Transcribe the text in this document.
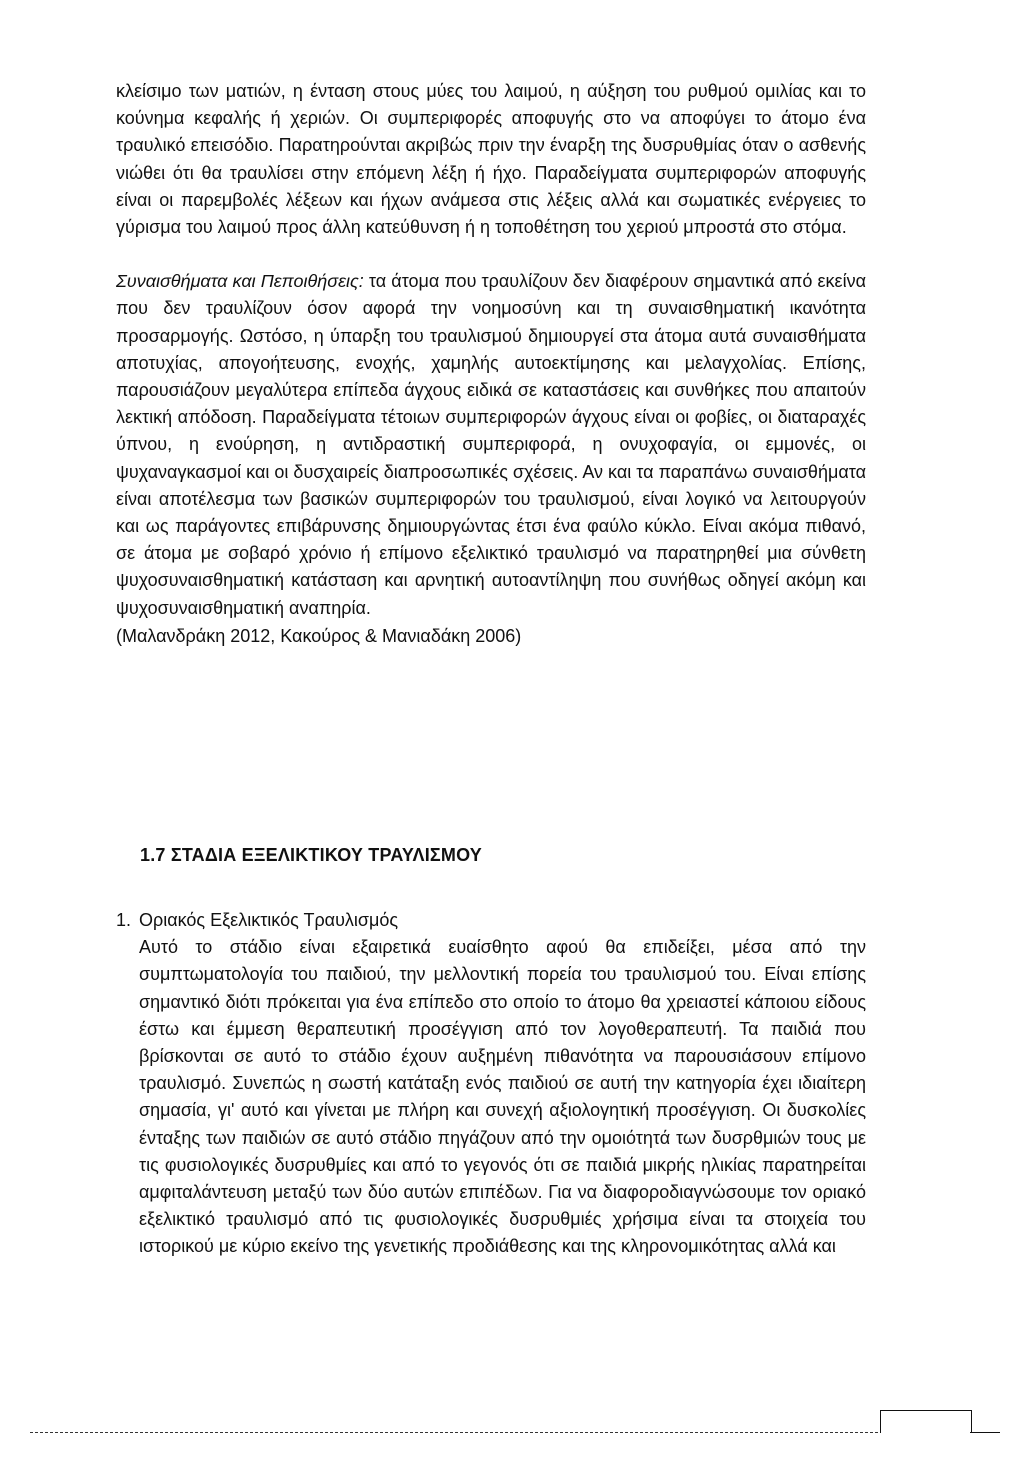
κλείσιμο των ματιών, η ένταση στους μύες του λαιμού, η αύξηση του ρυθμού ομιλίας και το κούνημα κεφαλής ή χεριών. Οι συμπεριφορές αποφυγής στο να αποφύγει το άτομο ένα τραυλικό επεισόδιο. Παρατηρούνται ακριβώς πριν την έναρξη της δυσρυθμίας όταν ο ασθενής νιώθει ότι θα τραυλίσει στην επόμενη λέξη ή ήχο. Παραδείγματα συμπεριφορών αποφυγής είναι οι παρεμβολές λέξεων και ήχων ανάμεσα στις λέξεις αλλά και σωματικές ενέργειες το γύρισμα του λαιμού προς άλλη κατεύθυνση ή η τοποθέτηση του χεριού μπροστά στο στόμα.

Συναισθήματα και Πεποιθήσεις: τα άτομα που τραυλίζουν δεν διαφέρουν σημαντικά από εκείνα που δεν τραυλίζουν όσον αφορά την νοημοσύνη και τη συναισθηματική ικανότητα προσαρμογής. Ωστόσο, η ύπαρξη του τραυλισμού δημιουργεί στα άτομα αυτά συναισθήματα αποτυχίας, απογοήτευσης, ενοχής, χαμηλής αυτοεκτίμησης και μελαγχολίας. Επίσης, παρουσιάζουν μεγαλύτερα επίπεδα άγχους ειδικά σε καταστάσεις και συνθήκες που απαιτούν λεκτική απόδοση. Παραδείγματα τέτοιων συμπεριφορών άγχους είναι οι φοβίες, οι διαταραχές ύπνου, η ενούρηση, η αντιδραστική συμπεριφορά, η ονυχοφαγία, οι εμμονές, οι ψυχαναγκασμοί και οι δυσχαιρείς διαπροσωπικές σχέσεις. Αν και τα παραπάνω συναισθήματα είναι αποτέλεσμα των βασικών συμπεριφορών του τραυλισμού, είναι λογικό να λειτουργούν και ως παράγοντες επιβάρυνσης δημιουργώντας έτσι ένα φαύλο κύκλο. Είναι ακόμα πιθανό, σε άτομα με σοβαρό χρόνιο ή επίμονο εξελικτικό τραυλισμό να παρατηρηθεί μια σύνθετη ψυχοσυναισθηματική κατάσταση και αρνητική αυτοαντίληψη που συνήθως οδηγεί ακόμη και ψυχοσυναισθηματική αναπηρία.

(Μαλανδράκη 2012, Κακούρος & Μανιαδάκη 2006)
1.7 ΣΤΑΔΙΑ ΕΞΕΛΙΚΤΙΚΟΥ ΤΡΑΥΛΙΣΜΟΥ

1. Οριακός Εξελικτικός Τραυλισμός

Αυτό το στάδιο είναι εξαιρετικά ευαίσθητο αφού θα επιδείξει, μέσα από την συμπτωματολογία του παιδιού, την μελλοντική πορεία του τραυλισμού του. Είναι επίσης σημαντικό διότι πρόκειται για ένα επίπεδο στο οποίο το άτομο θα χρειαστεί κάποιου είδους έστω και έμμεση θεραπευτική προσέγγιση από τον λογοθεραπευτή. Τα παιδιά που βρίσκονται σε αυτό το στάδιο έχουν αυξημένη πιθανότητα να παρουσιάσουν επίμονο τραυλισμό. Συνεπώς η σωστή κατάταξη ενός παιδιού σε αυτή την κατηγορία έχει ιδιαίτερη σημασία, γι' αυτό και γίνεται με πλήρη και συνεχή αξιολογητική προσέγγιση. Οι δυσκολίες ένταξης των παιδιών σε αυτό στάδιο πηγάζουν από την ομοιότητά των δυσρθμιών τους με τις φυσιολογικές δυσρυθμίες και από το γεγονός ότι σε παιδιά μικρής ηλικίας παρατηρείται αμφιταλάντευση μεταξύ των δύο αυτών επιπέδων. Για να διαφοροδιαγνώσουμε τον οριακό εξελικτικό τραυλισμό από τις φυσιολογικές δυσρυθμιές χρήσιμα είναι τα στοιχεία του ιστορικού με κύριο εκείνο της γενετικής προδιάθεσης και της κληρονομικότητας αλλά και
